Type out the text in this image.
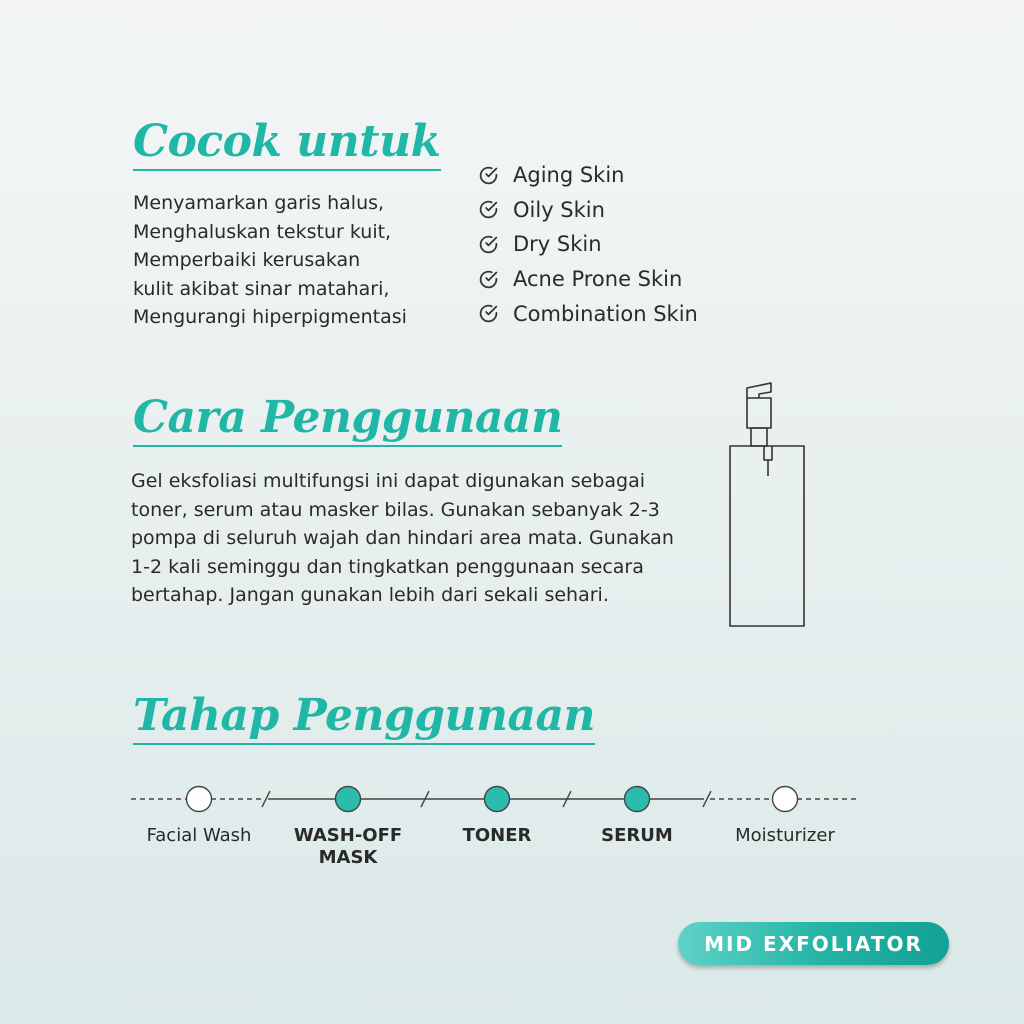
Cocok untuk
Menyamarkan garis halus,
Menghaluskan tekstur kuit,
Memperbaiki kerusakan
kulit akibat sinar matahari,
Mengurangi hiperpigmentasi
Aging Skin
Oily Skin
Dry Skin
Acne Prone Skin
Combination Skin
Cara Penggunaan
Gel eksfoliasi multifungsi ini dapat digunakan sebagai
toner, serum atau masker bilas. Gunakan sebanyak 2-3
pompa di seluruh wajah dan hindari area mata. Gunakan
1-2 kali seminggu dan tingkatkan penggunaan secara
bertahap. Jangan gunakan lebih dari sekali sehari.
Tahap Penggunaan
Facial Wash	WASH-OFF
MASK
TONER	SERUM	Moisturizer
MID EXFOLIATOR
